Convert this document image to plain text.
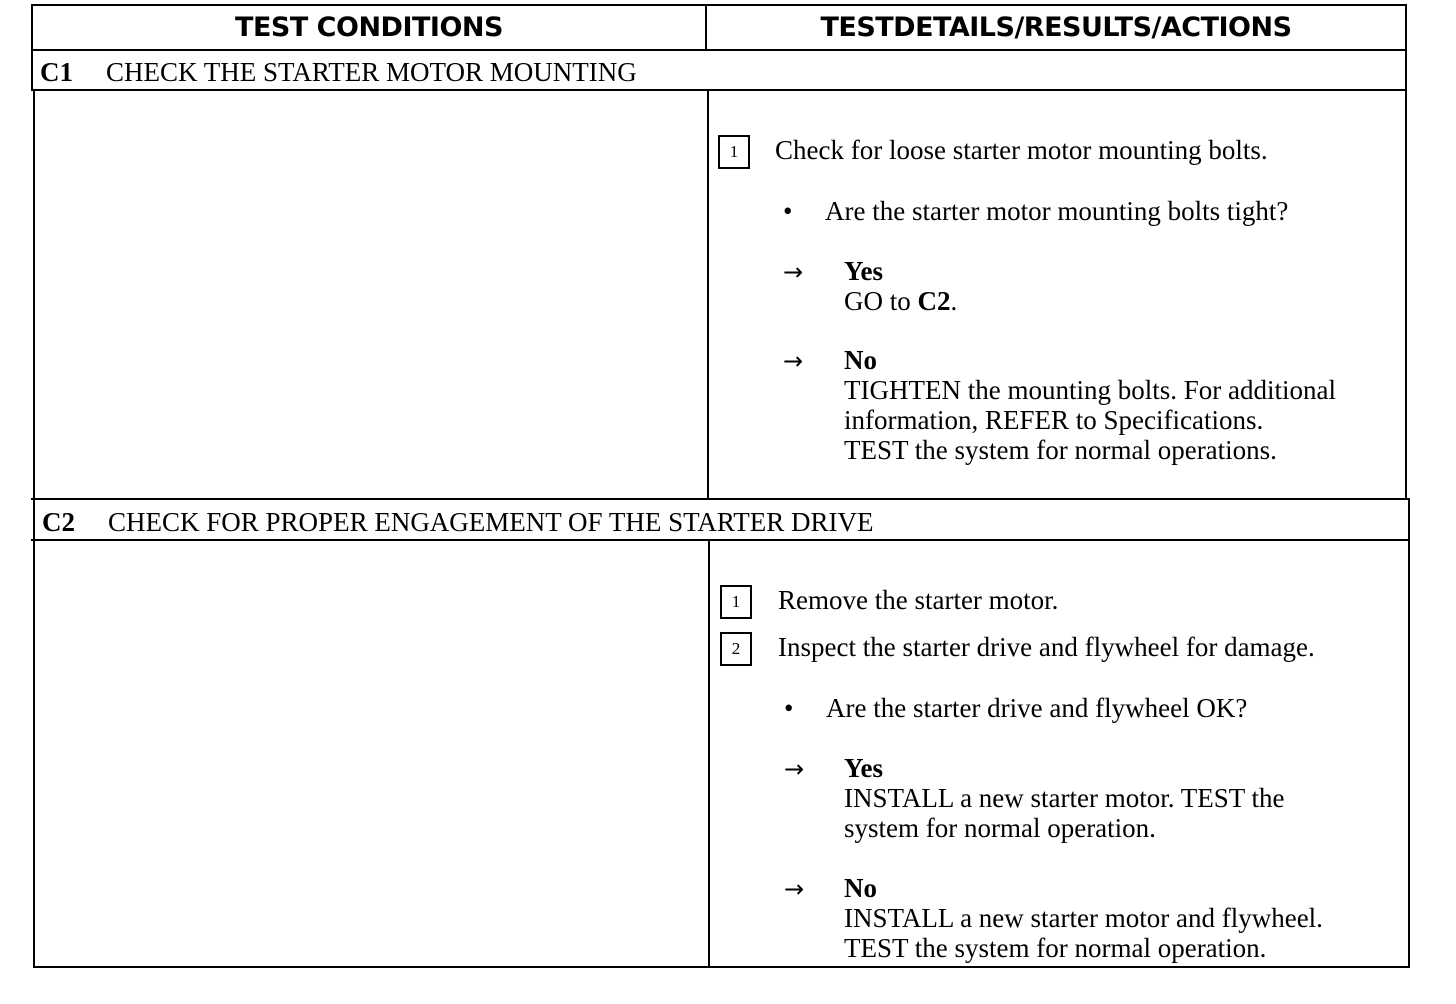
TEST CONDITIONS	TESTDETAILS/RESULTS/ACTIONS
C1 CHECK THE STARTER MOTOR MOUNTING
1	Check for loose starter motor mounting bolts.
• Are the starter motor mounting bolts tight?
→ Yes
GO to C2.
→ No
TIGHTEN the mounting bolts. For additional
information, REFER to Specifications.
TEST the system for normal operations.
C2 CHECK FOR PROPER ENGAGEMENT OF THE STARTER DRIVE
1	Remove the starter motor.
2	Inspect the starter drive and flywheel for damage.
• Are the starter drive and flywheel OK?
→ Yes
INSTALL a new starter motor. TEST the
system for normal operation.
→ No
INSTALL a new starter motor and flywheel.
TEST the system for normal operation.
